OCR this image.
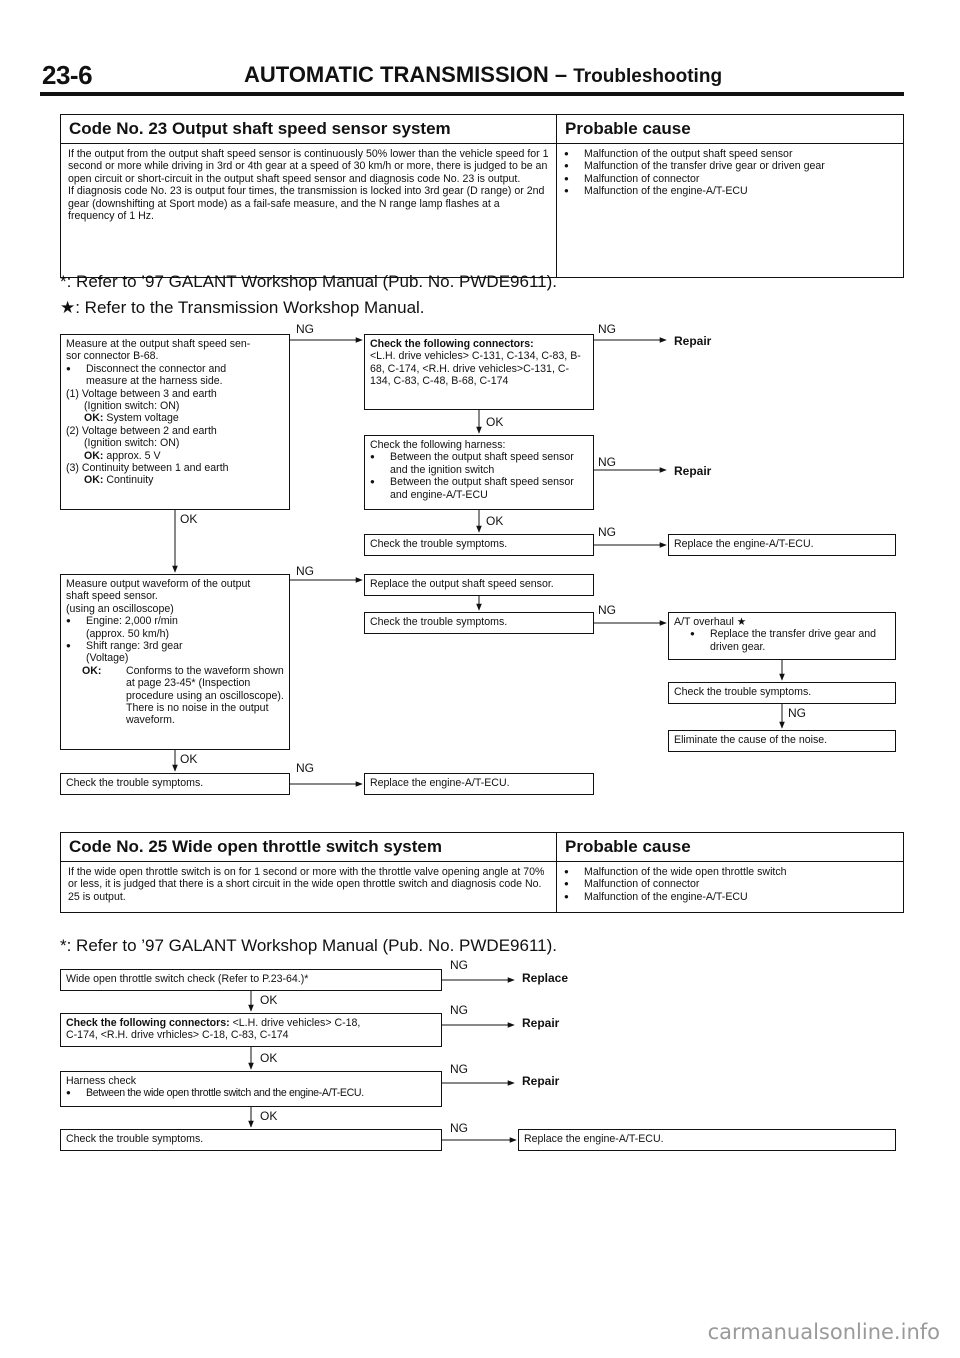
23-6	AUTOMATIC TRANSMISSION – Troubleshooting
Code No. 23 Output shaft speed sensor system	Probable cause

If the output from the output shaft speed sensor is continuously 50% lower than the vehicle speed for 1 second or more while driving in 3rd or 4th gear at a speed of 30 km/h or more, there is judged to be an open circuit or short-circuit in the output shaft speed sensor and diagnosis code No. 23 is output.

If diagnosis code No. 23 is output four times, the transmission is locked into 3rd gear (D range) or 2nd gear (downshifting at Sport mode) as a fail-safe measure, and the N range lamp flashes at a frequency of 1 Hz.

● Malfunction of the output shaft speed sensor

● Malfunction of the transfer drive gear or driven gear

● Malfunction of connector

● Malfunction of the engine-A/T-ECU

*: Refer to ’97 GALANT Workshop Manual (Pub. No. PWDE9611).
★: Refer to the Transmission Workshop Manual.

Measure at the output shaft speed sen-

sor connector B-68.

● Disconnect the connector and
measure at the harness side.

(1) Voltage between 3 and earth

(Ignition switch: ON)

OK: System voltage

(2) Voltage between 2 and earth

(Ignition switch: ON)

OK: approx. 5 V

(3) Continuity between 1 and earth

OK: Continuity

Check the following connectors:

<L.H. drive vehicles> C-131, C-134, C-83, B-68, C-174, <R.H. drive vehicles>C-131, C-134, C-83, C-48, B-68, C-174

Check the following harness:

● Between the output shaft speed sensor and the ignition switch

● Between the output shaft speed sensor and engine-A/T-ECU

Check the trouble symptoms.	Replace the engine-A/T-ECU.

Measure output waveform of the output

shaft speed sensor.

(using an oscilloscope)

● Engine: 2,000 r/min
(approx. 50 km/h)

● Shift range: 3rd gear
(Voltage)

OK:	Conforms to the waveform shown at page 23-45* (Inspection procedure using an oscilloscope). There is no noise in the output waveform.

Replace the output shaft speed sensor.

Check the trouble symptoms.	A/T overhaul ★

● Replace the transfer drive gear and driven gear.

Check the trouble symptoms.

Eliminate the cause of the noise.

Check the trouble symptoms.	Replace the engine-A/T-ECU.

NG	NG
Repair
OK
NG
Repair
OK
OK
NG
NG
NG
NG
OK
NG
Code No. 25 Wide open throttle switch system	Probable cause

If the wide open throttle switch is on for 1 second or more with the throttle valve opening angle at 70% or less, it is judged that there is a short circuit in the wide open throttle switch and diagnosis code No. 25 is output.

● Malfunction of the wide open throttle switch

● Malfunction of connector

● Malfunction of the engine-A/T-ECU

*: Refer to ’97 GALANT Workshop Manual (Pub. No. PWDE9611).

Wide open throttle switch check (Refer to P.23-64.)*

Check the following connectors: <L.H. drive vehicles> C-18,

C-174, <R.H. drive vrhicles> C-18, C-83, C-174

Harness check

● Between the wide open throttle switch and the engine-A/T-ECU.

Check the trouble symptoms.	Replace the engine-A/T-ECU.

NG
Replace
OK
NG
Repair
OK
NG
Repair
OK
NG
carmanualsonline.info
